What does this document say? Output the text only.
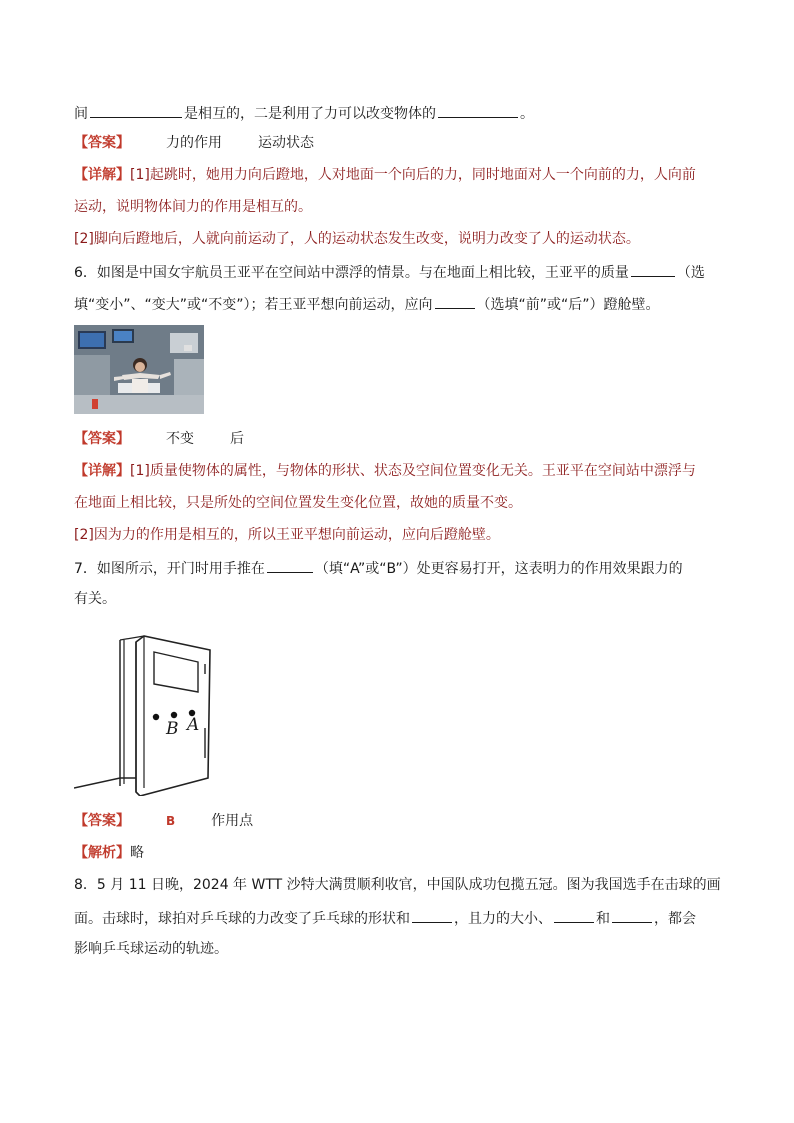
间	是相互的，二是利用了力可以改变物体的	。
【答案】	力的作用	运动状态
【详解】[1]起跳时，她用力向后蹬地，人对地面一个向后的力，同时地面对人一个向前的力，人向前
运动，说明物体间力的作用是相互的。
[2]脚向后蹬地后，人就向前运动了，人的运动状态发生改变，说明力改变了人的运动状态。
6．如图是中国女宇航员王亚平在空间站中漂浮的情景。与在地面上相比较，王亚平的质量	（选
填“变小”、“变大”或“不变”）；若王亚平想向前运动，应向	（选填“前”或“后”）蹬舱壁。
【答案】	不变	后
【详解】[1]质量使物体的属性，与物体的形状、状态及空间位置变化无关。王亚平在空间站中漂浮与
在地面上相比较，只是所处的空间位置发生变化位置，故她的质量不变。
[2]因为力的作用是相互的，所以王亚平想向前运动，应向后蹬舱壁。
7．如图所示，开门时用手推在	（填“A”或“B”）处更容易打开，这表明力的作用效果跟力的
有关。
B A
【答案】	B	作用点
【解析】略
8．5 月 11 日晚，2024 年 WTT 沙特大满贯顺利收官，中国队成功包揽五冠。图为我国选手在击球的画
面。击球时，球拍对乒乓球的力改变了乒乓球的形状和	，且力的大小、	和	，都会
影响乒乓球运动的轨迹。
